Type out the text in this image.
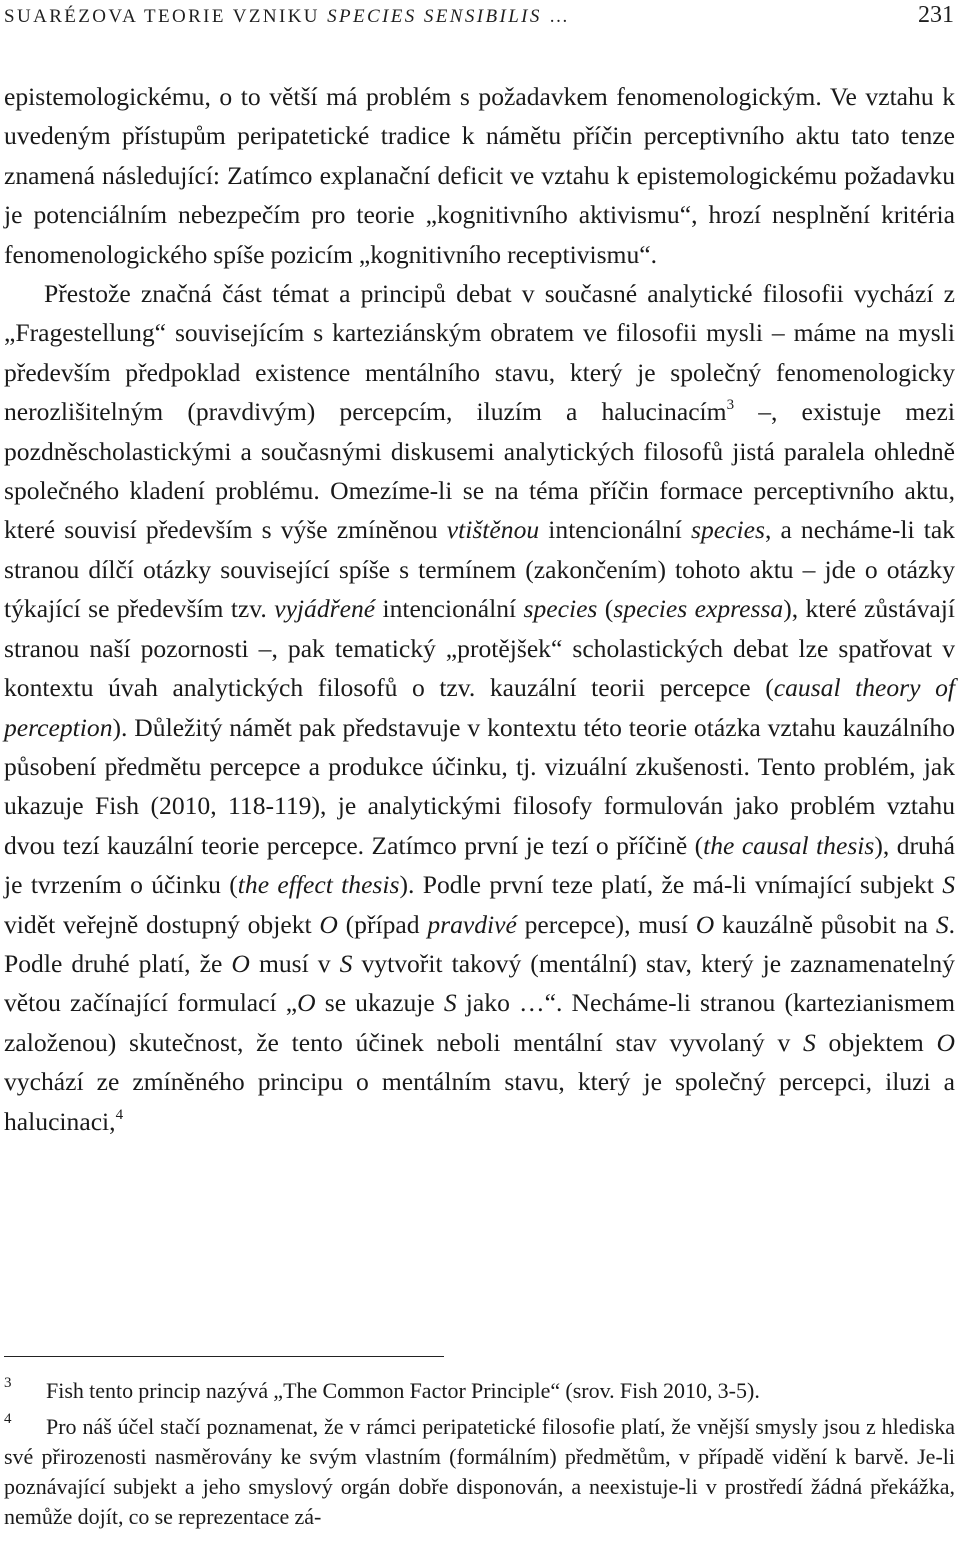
SUARÉZOVA TEORIE VZNIKU SPECIES SENSIBILIS …	231

epistemologickému, o to větší má problém s požadavkem fenomenologickým. Ve vztahu k uvedeným přístupům peripatetické tradice k námětu příčin perceptivního aktu tato tenze znamená následující: Zatímco explanační deficit ve vztahu k epistemologickému požadavku je potenciálním nebezpečím pro teorie „kognitivního aktivismu“, hrozí nesplnění kritéria fenomenologického spíše pozicím „kognitivního receptivismu“.

Přestože značná část témat a principů debat v současné analytické filosofii vychází z „Fragestellung“ souvisejícím s karteziánským obratem ve filosofii mysli – máme na mysli především předpoklad existence mentálního stavu, který je společný fenomenologicky nerozlišitelným (pravdivým) percepcím, iluzím a halucinacím$^3$ –, existuje mezi pozdněscholastickými a současnými diskusemi analytických filosofů jistá paralela ohledně společného kladení problému. Omezíme-li se na téma příčin formace perceptivního aktu, které souvisí především s výše zmíněnou vtištěnou intencionální species, a necháme-li tak stranou dílčí otázky související spíše s termínem (zakončením) tohoto aktu – jde o otázky týkající se především tzv. vyjádřené intencionální species (species expressa), které zůstávají stranou naší pozornosti –, pak tematický „protějšek“ scholastických debat lze spatřovat v kontextu úvah analytických filosofů o tzv. kauzální teorii percepce (causal theory of perception). Důležitý námět pak představuje v kontextu této teorie otázka vztahu kauzálního působení předmětu percepce a produkce účinku, tj. vizuální zkušenosti. Tento problém, jak ukazuje Fish (2010, 118-119), je analytickými filosofy formulován jako problém vztahu dvou tezí kauzální teorie percepce. Zatímco první je tezí o příčině (the causal thesis), druhá je tvrzením o účinku (the effect thesis). Podle první teze platí, že má-li vnímající subjekt S vidět veřejně dostupný objekt O (případ pravdivé percepce), musí O kauzálně působit na S. Podle druhé platí, že O musí v S vytvořit takový (mentální) stav, který je zaznamenatelný větou začínající formulací „O se ukazuje S jako …“. Necháme-li stranou (kartezianismem založenou) skutečnost, že tento účinek neboli mentální stav vyvolaný v S objektem O vychází ze zmíněného principu o mentálním stavu, který je společný percepci, iluzi a halucinaci,$^4$

3 Fish tento princip nazývá „The Common Factor Principle“ (srov. Fish 2010, 3-5).
4 Pro náš účel stačí poznamenat, že v rámci peripatetické filosofie platí, že vnější smysly jsou z hlediska své přirozenosti nasměrovány ke svým vlastním (formálním) předmětům, v případě vidění k barvě. Je-li poznávající subjekt a jeho smyslový orgán dobře disponován, a neexistuje-li v prostředí žádná překážka, nemůže dojít, co se reprezentace zá-
